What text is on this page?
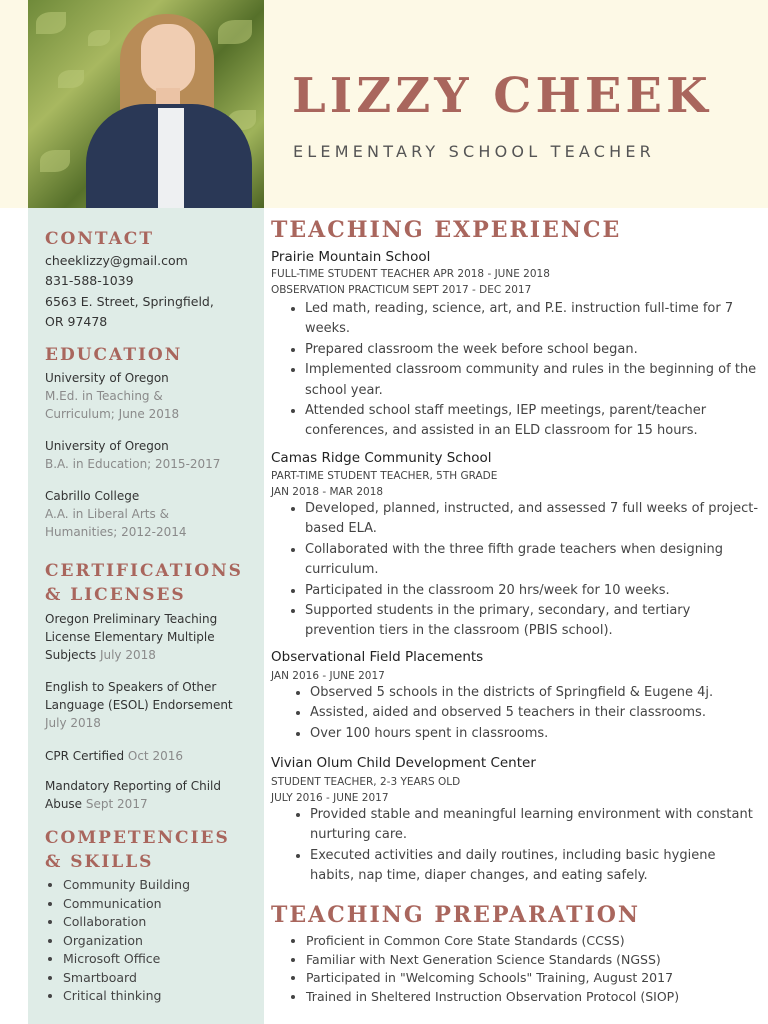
LIZZY CHEEK
ELEMENTARY SCHOOL TEACHER
CONTACT
cheeklizzy@gmail.com
831-588-1039
6563 E. Street, Springfield,
OR 97478
EDUCATION
University of Oregon
M.Ed. in Teaching &
Curriculum; June 2018
University of Oregon
B.A. in Education; 2015-2017
Cabrillo College
A.A. in Liberal Arts &
Humanities; 2012-2014
CERTIFICATIONS
& LICENSES
Oregon Preliminary Teaching License Elementary Multiple Subjects July 2018
English to Speakers of Other Language (ESOL) Endorsement July 2018
CPR Certified Oct 2016
Mandatory Reporting of Child Abuse Sept 2017
COMPETENCIES
& SKILLS
• Community Building
• Communication
• Collaboration
• Organization
• Microsoft Office
• Smartboard
• Critical thinking
TEACHING EXPERIENCE
Prairie Mountain School
FULL-TIME STUDENT TEACHER APR 2018 - JUNE 2018
OBSERVATION PRACTICUM SEPT 2017 - DEC 2017
• Led math, reading, science, art, and P.E. instruction full-time for 7 weeks.
• Prepared classroom the week before school began.
• Implemented classroom community and rules in the beginning of the school year.
• Attended school staff meetings, IEP meetings, parent/teacher conferences, and assisted in an ELD classroom for 15 hours.
Camas Ridge Community School
PART-TIME STUDENT TEACHER, 5TH GRADE
JAN 2018 - MAR 2018
• Developed, planned, instructed, and assessed 7 full weeks of project-based ELA.
• Collaborated with the three fifth grade teachers when designing curriculum.
• Participated in the classroom 20 hrs/week for 10 weeks.
• Supported students in the primary, secondary, and tertiary prevention tiers in the classroom (PBIS school).
Observational Field Placements
JAN 2016 - JUNE 2017
• Observed 5 schools in the districts of Springfield & Eugene 4j.
• Assisted, aided and observed 5 teachers in their classrooms.
• Over 100 hours spent in classrooms.
Vivian Olum Child Development Center
STUDENT TEACHER, 2-3 YEARS OLD
JULY 2016 - JUNE 2017
• Provided stable and meaningful learning environment with constant nurturing care.
• Executed activities and daily routines, including basic hygiene habits, nap time, diaper changes, and eating safely.
TEACHING PREPARATION
• Proficient in Common Core State Standards (CCSS)
• Familiar with Next Generation Science Standards (NGSS)
• Participated in "Welcoming Schools" Training, August 2017
• Trained in Sheltered Instruction Observation Protocol (SIOP)
